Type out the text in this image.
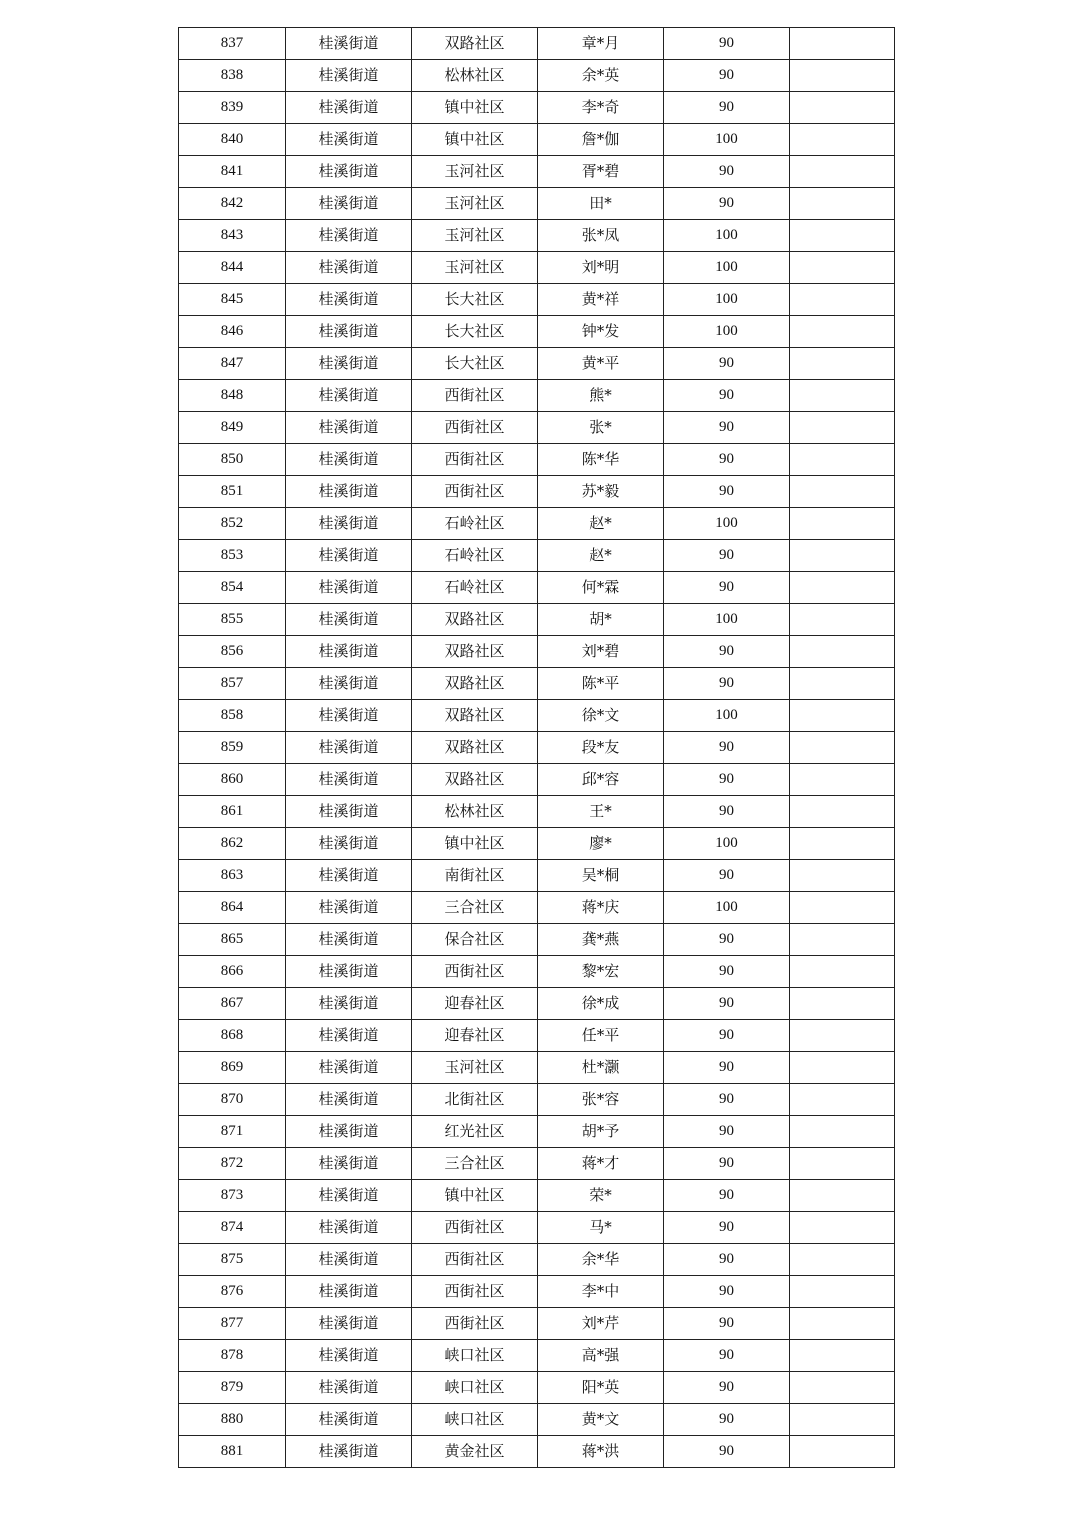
837	桂溪街道	双路社区	章*月	90	
838	桂溪街道	松林社区	余*英	90	
839	桂溪街道	镇中社区	李*奇	90	
840	桂溪街道	镇中社区	詹*伽	100	
841	桂溪街道	玉河社区	胥*碧	90	
842	桂溪街道	玉河社区	田*	90	
843	桂溪街道	玉河社区	张*凤	100	
844	桂溪街道	玉河社区	刘*明	100	
845	桂溪街道	长大社区	黄*祥	100	
846	桂溪街道	长大社区	钟*发	100	
847	桂溪街道	长大社区	黄*平	90	
848	桂溪街道	西街社区	熊*	90	
849	桂溪街道	西街社区	张*	90	
850	桂溪街道	西街社区	陈*华	90	
851	桂溪街道	西街社区	苏*毅	90	
852	桂溪街道	石岭社区	赵*	100	
853	桂溪街道	石岭社区	赵*	90	
854	桂溪街道	石岭社区	何*霖	90	
855	桂溪街道	双路社区	胡*	100	
856	桂溪街道	双路社区	刘*碧	90	
857	桂溪街道	双路社区	陈*平	90	
858	桂溪街道	双路社区	徐*文	100	
859	桂溪街道	双路社区	段*友	90	
860	桂溪街道	双路社区	邱*容	90	
861	桂溪街道	松林社区	王*	90	
862	桂溪街道	镇中社区	廖*	100	
863	桂溪街道	南街社区	吴*桐	90	
864	桂溪街道	三合社区	蒋*庆	100	
865	桂溪街道	保合社区	龚*燕	90	
866	桂溪街道	西街社区	黎*宏	90	
867	桂溪街道	迎春社区	徐*成	90	
868	桂溪街道	迎春社区	任*平	90	
869	桂溪街道	玉河社区	杜*灏	90	
870	桂溪街道	北街社区	张*容	90	
871	桂溪街道	红光社区	胡*予	90	
872	桂溪街道	三合社区	蒋*才	90	
873	桂溪街道	镇中社区	荣*	90	
874	桂溪街道	西街社区	马*	90	
875	桂溪街道	西街社区	余*华	90	
876	桂溪街道	西街社区	李*中	90	
877	桂溪街道	西街社区	刘*芹	90	
878	桂溪街道	峡口社区	高*强	90	
879	桂溪街道	峡口社区	阳*英	90	
880	桂溪街道	峡口社区	黄*文	90	
881	桂溪街道	黄金社区	蒋*洪	90	
